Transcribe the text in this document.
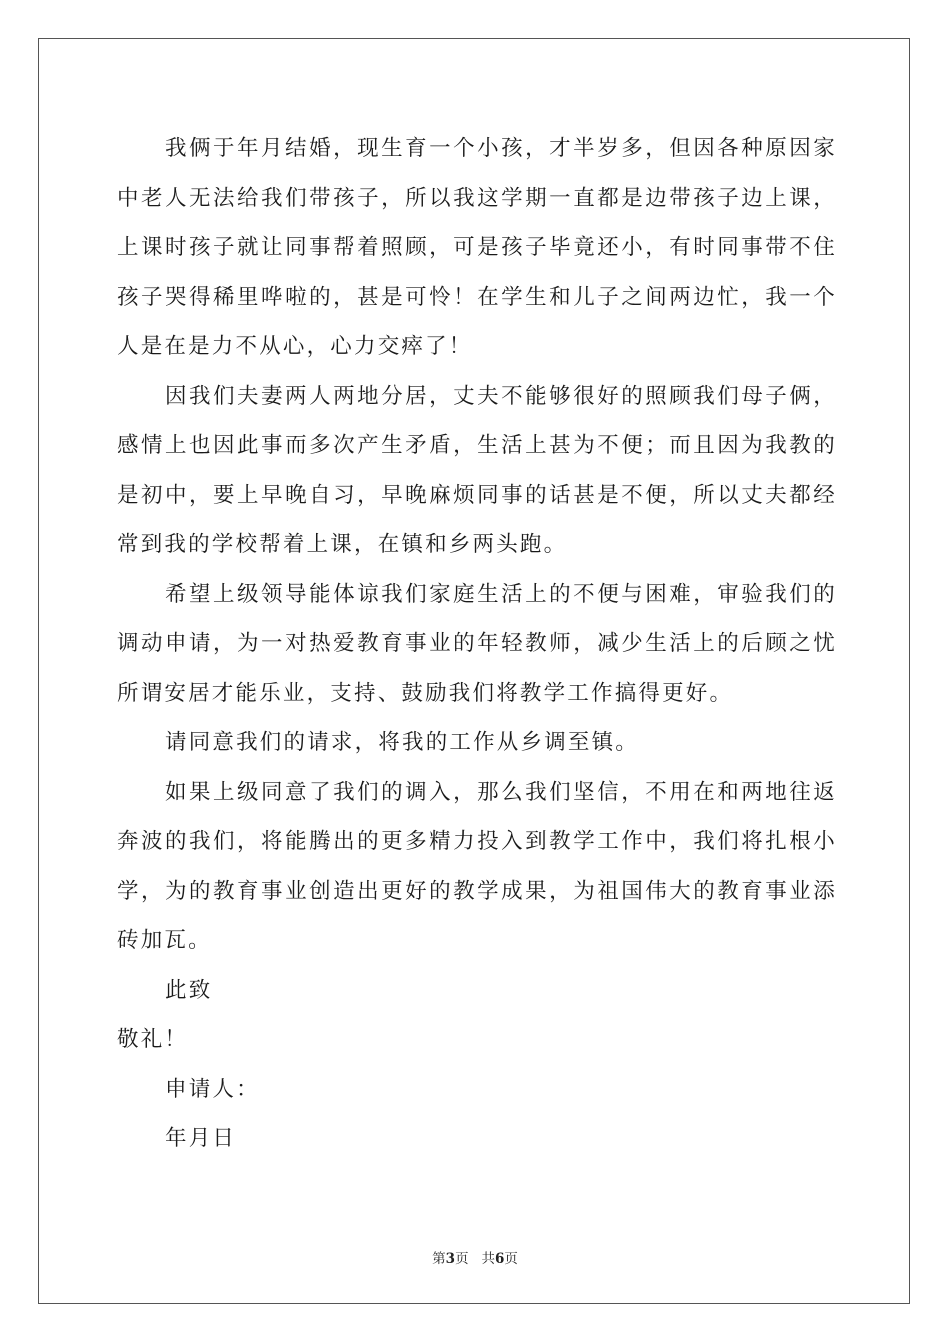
我俩于年月结婚，现生育一个小孩，才半岁多，但因各种原因家中老人无法给我们带孩子，所以我这学期一直都是边带孩子边上课，上课时孩子就让同事帮着照顾，可是孩子毕竟还小，有时同事带不住孩子哭得稀里哗啦的，甚是可怜！在学生和儿子之间两边忙，我一个人是在是力不从心，心力交瘁了！

因我们夫妻两人两地分居，丈夫不能够很好的照顾我们母子俩，感情上也因此事而多次产生矛盾，生活上甚为不便；而且因为我教的是初中，要上早晚自习，早晚麻烦同事的话甚是不便，所以丈夫都经常到我的学校帮着上课，在镇和乡两头跑。

希望上级领导能体谅我们家庭生活上的不便与困难，审验我们的调动申请，为一对热爱教育事业的年轻教师，减少生活上的后顾之忧所谓安居才能乐业，支持、鼓励我们将教学工作搞得更好。

请同意我们的请求，将我的工作从乡调至镇。

如果上级同意了我们的调入，那么我们坚信，不用在和两地往返奔波的我们，将能腾出的更多精力投入到教学工作中，我们将扎根小学，为的教育事业创造出更好的教学成果，为祖国伟大的教育事业添砖加瓦。

此致

敬礼！

申请人：

年月日

第3页 共6页
